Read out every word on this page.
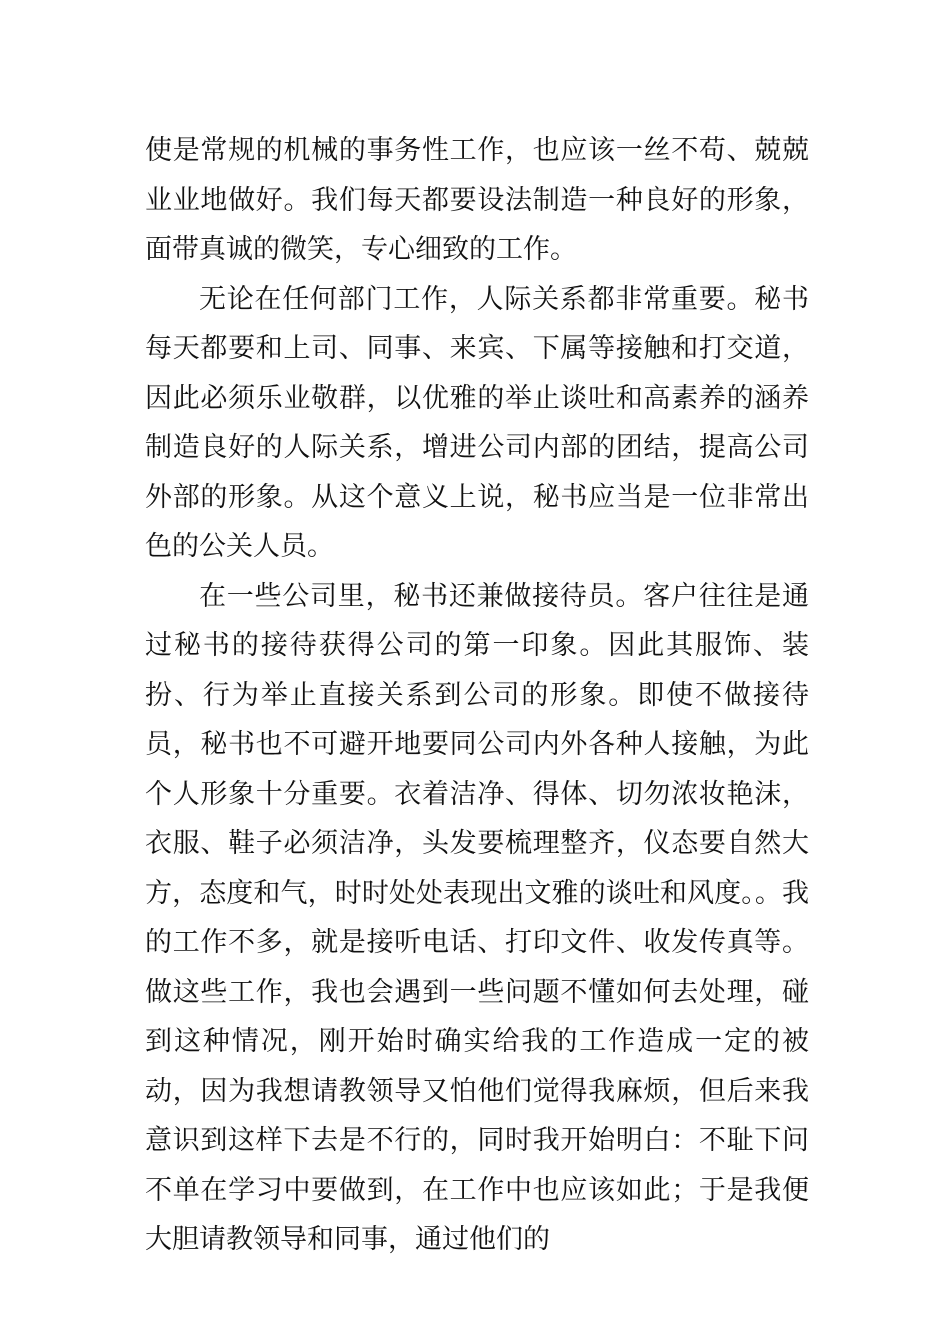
使是常规的机械的事务性工作，也应该一丝不苟、兢兢业业地做好。我们每天都要设法制造一种良好的形象，面带真诚的微笑，专心细致的工作。

无论在任何部门工作，人际关系都非常重要。秘书每天都要和上司、同事、来宾、下属等接触和打交道，因此必须乐业敬群，以优雅的举止谈吐和高素养的涵养制造良好的人际关系，增进公司内部的团结，提高公司外部的形象。从这个意义上说，秘书应当是一位非常出色的公关人员。

在一些公司里，秘书还兼做接待员。客户往往是通过秘书的接待获得公司的第一印象。因此其服饰、装扮、行为举止直接关系到公司的形象。即使不做接待员，秘书也不可避开地要同公司内外各种人接触，为此个人形象十分重要。衣着洁净、得体、切勿浓妆艳沫，衣服、鞋子必须洁净，头发要梳理整齐，仪态要自然大方，态度和气，时时处处表现出文雅的谈吐和风度。。我的工作不多，就是接听电话、打印文件、收发传真等。做这些工作，我也会遇到一些问题不懂如何去处理，碰到这种情况，刚开始时确实给我的工作造成一定的被动，因为我想请教领导又怕他们觉得我麻烦，但后来我意识到这样下去是不行的，同时我开始明白：不耻下问不单在学习中要做到，在工作中也应该如此；于是我便大胆请教领导和同事，通过他们的
